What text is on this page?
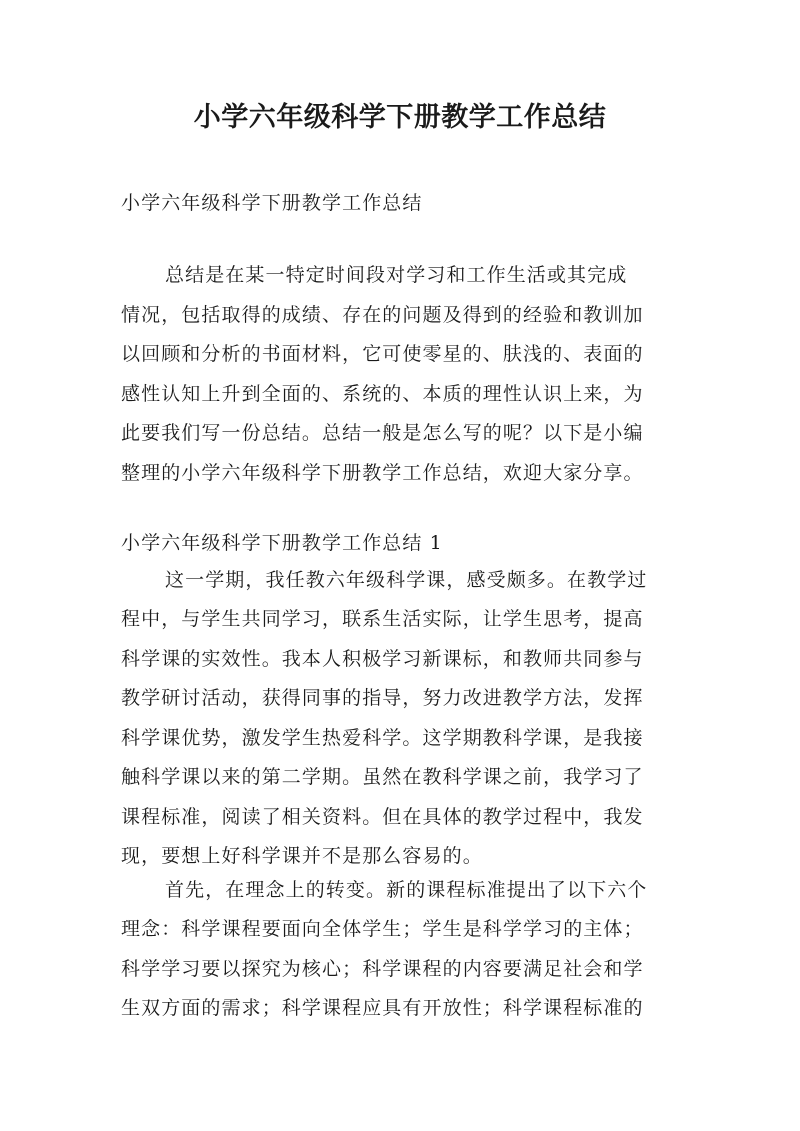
小学六年级科学下册教学工作总结

小学六年级科学下册教学工作总结

总结是在某一特定时间段对学习和工作生活或其完成

情况，包括取得的成绩、存在的问题及得到的经验和教训加

以回顾和分析的书面材料，它可使零星的、肤浅的、表面的

感性认知上升到全面的、系统的、本质的理性认识上来，为

此要我们写一份总结。总结一般是怎么写的呢？以下是小编

整理的小学六年级科学下册教学工作总结，欢迎大家分享。

小学六年级科学下册教学工作总结 1

这一学期，我任教六年级科学课，感受颇多。在教学过

程中，与学生共同学习，联系生活实际，让学生思考，提高

科学课的实效性。我本人积极学习新课标，和教师共同参与

教学研讨活动，获得同事的指导，努力改进教学方法，发挥

科学课优势，激发学生热爱科学。这学期教科学课，是我接

触科学课以来的第二学期。虽然在教科学课之前，我学习了

课程标准，阅读了相关资料。但在具体的教学过程中，我发

现，要想上好科学课并不是那么容易的。

首先，在理念上的转变。新的课程标准提出了以下六个

理念：科学课程要面向全体学生；学生是科学学习的主体；

科学学习要以探究为核心；科学课程的内容要满足社会和学

生双方面的需求；科学课程应具有开放性；科学课程标准的
